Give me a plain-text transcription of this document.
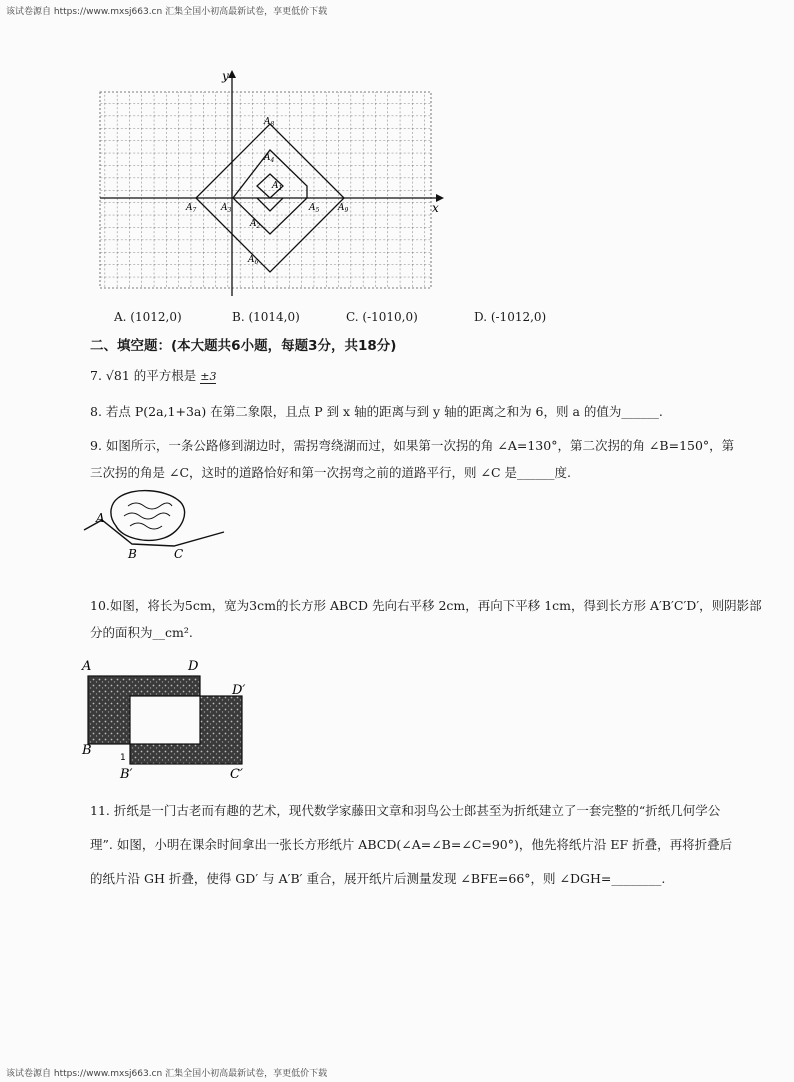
该试卷源自 https://www.mxsj663.cn 汇集全国小初高最新试卷，享更低价下载
x
y
$A_8$
$A_4$
$A_1$
$A_7$	$A_3$
$A_2$
$A_5$ $A_9$
$A_6$
A. (1012,0)	B. (1014,0)	C. (-1010,0)	D. (-1012,0)
二、填空题：(本大题共6小题，每题3分，共18分)
7. √81 的平方根是 ±3
8. 若点 P(2a,1+3a) 在第二象限，且点 P 到 x 轴的距离与到 y 轴的距离之和为 6，则 a 的值为______.
9. 如图所示，一条公路修到湖边时，需拐弯绕湖而过，如果第一次拐的角 ∠A=130°，第二次拐的角 ∠B=150°，第
三次拐的角是 ∠C，这时的道路恰好和第一次拐弯之前的道路平行，则 ∠C 是______度.
A
B	C
10.如图，将长为5cm，宽为3cm的长方形 ABCD 先向右平移 2cm，再向下平移 1cm，得到长方形 A′B′C′D′，则阴影部
分的面积为__cm².
A	D
D′
B
B′	C′
1
11. 折纸是一门古老而有趣的艺术，现代数学家藤田文章和羽鸟公士郎甚至为折纸建立了一套完整的“折纸几何学公
理”. 如图，小明在课余时间拿出一张长方形纸片 ABCD(∠A=∠B=∠C=90°)，他先将纸片沿 EF 折叠，再将折叠后
的纸片沿 GH 折叠，使得 GD′ 与 A′B′ 重合，展开纸片后测量发现 ∠BFE=66°，则 ∠DGH=________.
该试卷源自 https://www.mxsj663.cn 汇集全国小初高最新试卷，享更低价下载
